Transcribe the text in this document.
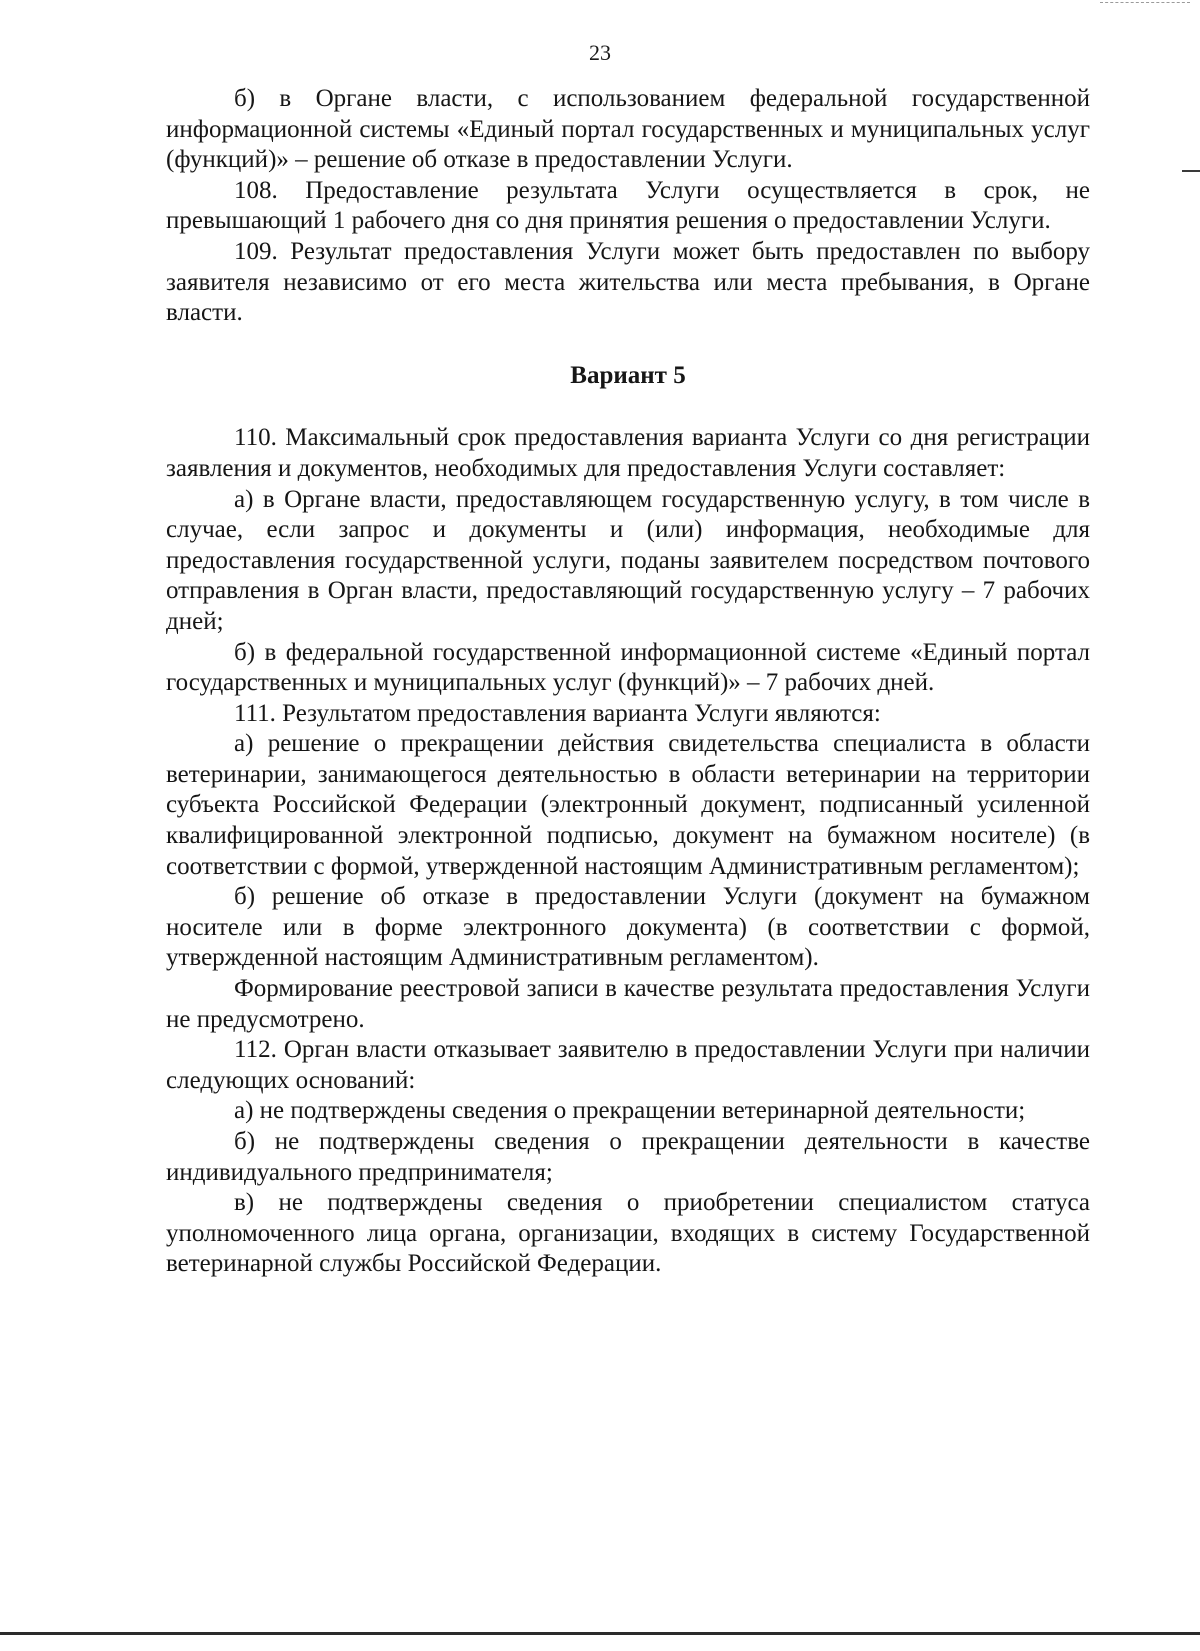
23

б) в Органе власти, с использованием федеральной государственной информационной системы «Единый портал государственных и муниципальных услуг (функций)» – решение об отказе в предоставлении Услуги.

108. Предоставление результата Услуги осуществляется в срок, не превышающий 1 рабочего дня со дня принятия решения о предоставлении Услуги.

109. Результат предоставления Услуги может быть предоставлен по выбору заявителя независимо от его места жительства или места пребывания, в Органе власти.

Вариант 5

110. Максимальный срок предоставления варианта Услуги со дня регистрации заявления и документов, необходимых для предоставления Услуги составляет:

а) в Органе власти, предоставляющем государственную услугу, в том числе в случае, если запрос и документы и (или) информация, необходимые для предоставления государственной услуги, поданы заявителем посредством почтового отправления в Орган власти, предоставляющий государственную услугу – 7 рабочих дней;

б) в федеральной государственной информационной системе «Единый портал государственных и муниципальных услуг (функций)» – 7 рабочих дней.

111. Результатом предоставления варианта Услуги являются:

а) решение о прекращении действия свидетельства специалиста в области ветеринарии, занимающегося деятельностью в области ветеринарии на территории субъекта Российской Федерации (электронный документ, подписанный усиленной квалифицированной электронной подписью, документ на бумажном носителе) (в соответствии с формой, утвержденной настоящим Административным регламентом);

б) решение об отказе в предоставлении Услуги (документ на бумажном носителе или в форме электронного документа) (в соответствии с формой, утвержденной настоящим Административным регламентом).

Формирование реестровой записи в качестве результата предоставления Услуги не предусмотрено.

112. Орган власти отказывает заявителю в предоставлении Услуги при наличии следующих оснований:

а) не подтверждены сведения о прекращении ветеринарной деятельности;

б) не подтверждены сведения о прекращении деятельности в качестве индивидуального предпринимателя;

в) не подтверждены сведения о приобретении специалистом статуса уполномоченного лица органа, организации, входящих в систему Государственной ветеринарной службы Российской Федерации.
